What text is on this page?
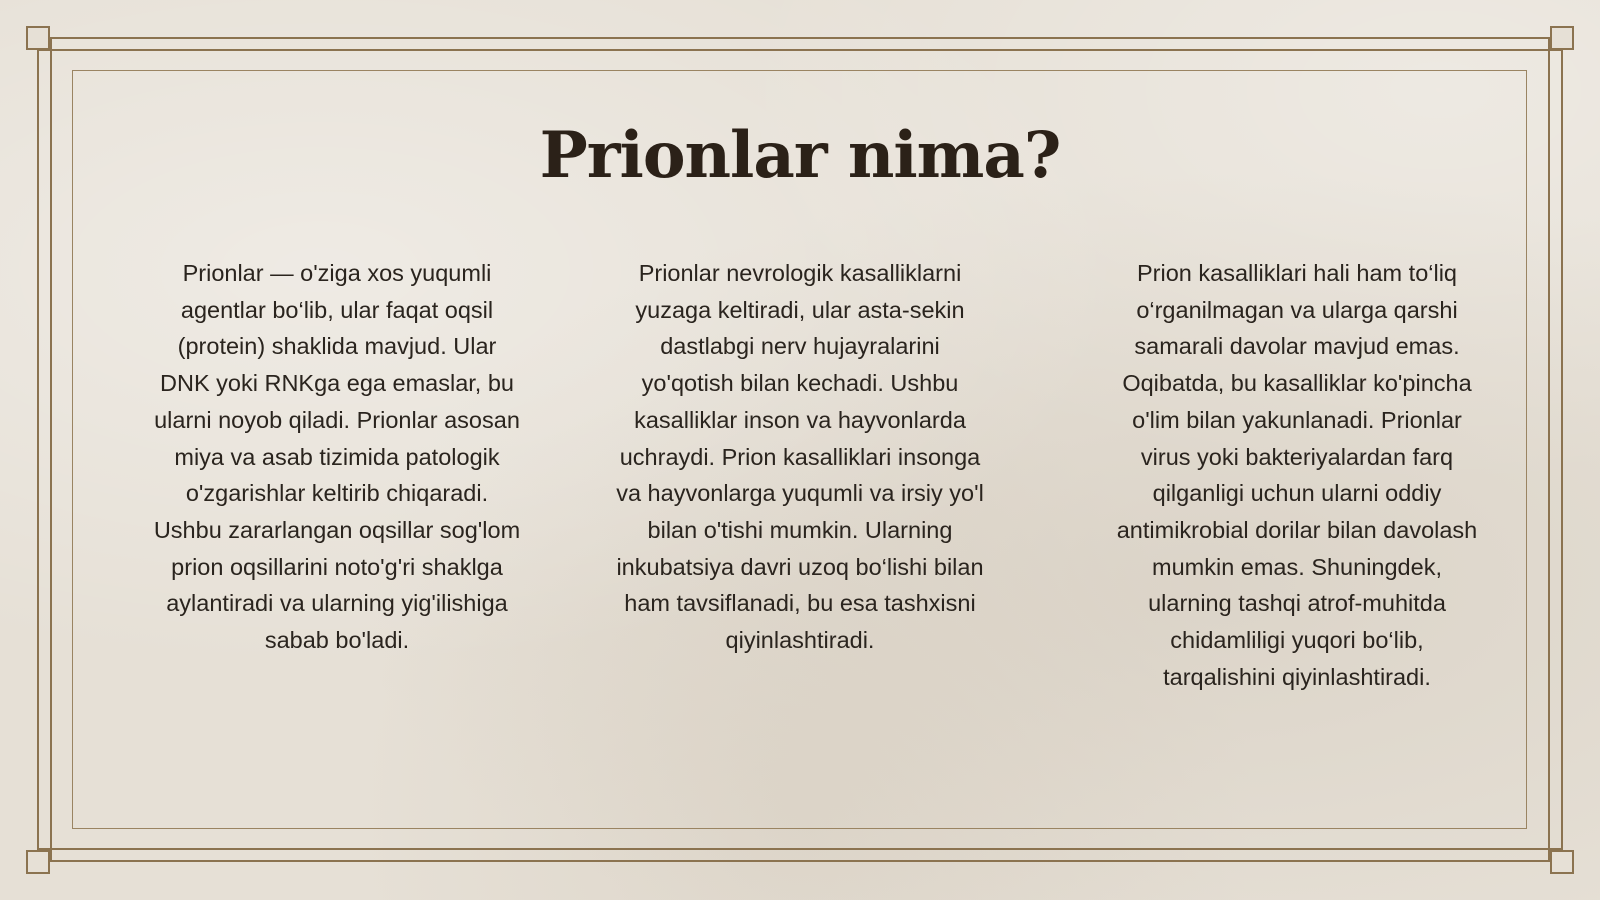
Prionlar nima?

Prionlar — o'ziga xos yuqumli agentlar bo‘lib, ular faqat oqsil (protein) shaklida mavjud. Ular DNK yoki RNKga ega emaslar, bu ularni noyob qiladi. Prionlar asosan miya va asab tizimida patologik o'zgarishlar keltirib chiqaradi. Ushbu zararlangan oqsillar sog'lom prion oqsillarini noto'g'ri shaklga aylantiradi va ularning yig'ilishiga sabab bo'ladi.

Prionlar nevrologik kasalliklarni yuzaga keltiradi, ular asta-sekin dastlabgi nerv hujayralarini yo'qotish bilan kechadi. Ushbu kasalliklar inson va hayvonlarda uchraydi. Prion kasalliklari insonga va hayvonlarga yuqumli va irsiy yo'l bilan o'tishi mumkin. Ularning inkubatsiya davri uzoq bo‘lishi bilan ham tavsiflanadi, bu esa tashxisni qiyinlashtiradi.

Prion kasalliklari hali ham to‘liq o‘rganilmagan va ularga qarshi samarali davolar mavjud emas. Oqibatda, bu kasalliklar ko'pincha o'lim bilan yakunlanadi. Prionlar virus yoki bakteriyalardan farq qilganligi uchun ularni oddiy antimikrobial dorilar bilan davolash mumkin emas. Shuningdek, ularning tashqi atrof-muhitda chidamliligi yuqori bo‘lib, tarqalishini qiyinlashtiradi.
